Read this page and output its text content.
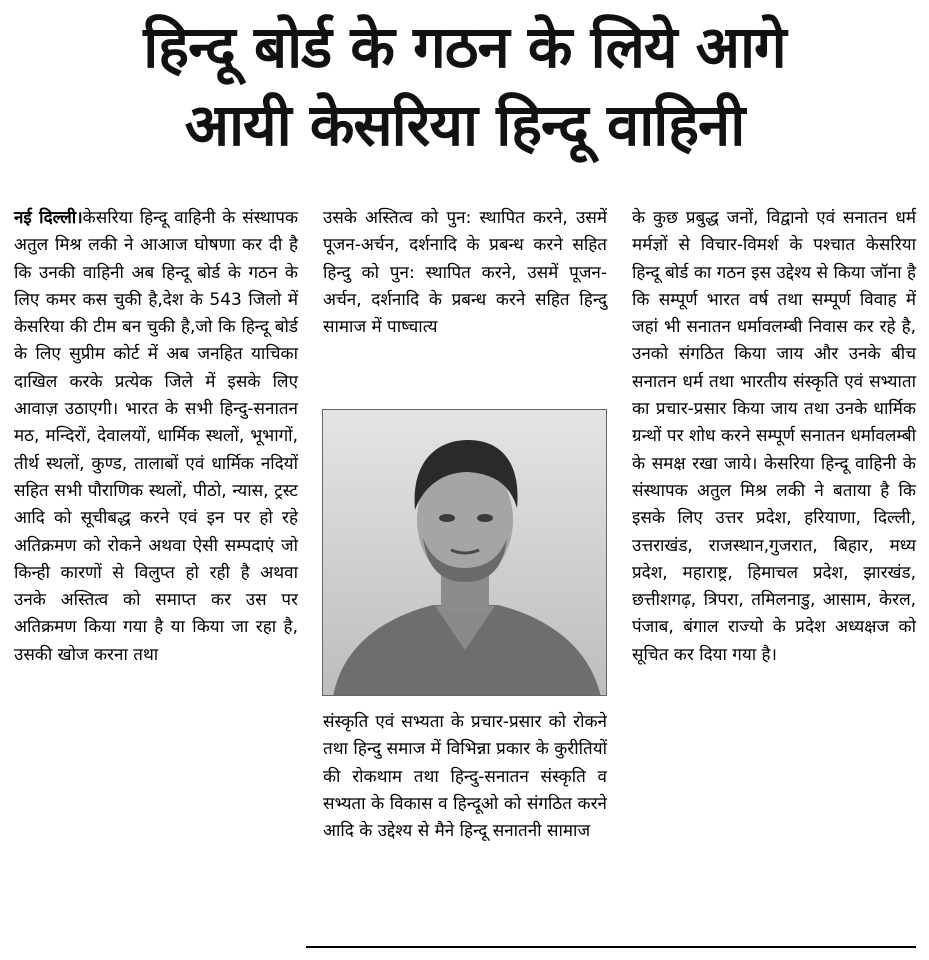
हिन्दू बोर्ड के गठन के लिये आगे
आयी केसरिया हिन्दू वाहिनी

नई दिल्ली।केसरिया हिन्दू वाहिनी के संस्थापक अतुल मिश्र लकी ने आआज घोषणा कर दी है कि उनकी वाहिनी अब हिन्दू बोर्ड के गठन के लिए कमर कस चुकी है,देश के 543 जिलो में केसरिया की टीम बन चुकी है,जो कि हिन्दू बोर्ड के लिए सुप्रीम कोर्ट में अब जनहित याचिका दाखिल करके प्रत्येक जिले में इसके लिए आवाज़ उठाएगी। भारत के सभी हिन्दु-सनातन मठ, मन्दिरों, देवालयों, धार्मिक स्थलों, भूभागों, तीर्थ स्थलों, कुण्ड, तालाबों एवं धार्मिक नदियों सहित सभी पौराणिक स्थलों, पीठो, न्यास, ट्रस्ट आदि को सूचीबद्ध करने एवं इन पर हो रहे अतिक्रमण को रोकने अथवा ऐसी सम्पदाएं जो किन्ही कारणों से विलुप्त हो रही है अथवा उनके अस्तित्व को समाप्त कर उस पर अतिक्रमण किया गया है या किया जा रहा है, उसकी खोज करना तथा

उसके अस्तित्व को पुन: स्थापित करने, उसमें पूजन-अर्चन, दर्शनादि के प्रबन्ध करने सहित हिन्दु को पुन: स्थापित करने, उसमें पूजन-अर्चन, दर्शनादि के प्रबन्ध करने सहित हिन्दु सामाज में पाष्चात्य

संस्कृति एवं सभ्यता के प्रचार-प्रसार को रोकने तथा हिन्दु समाज में विभिन्ना प्रकार के कुरीतियों की रोकथाम तथा हिन्दु-सनातन संस्कृति व सभ्यता के विकास व हिन्दूओ को संगठित करने आदि के उद्देश्य से मैने हिन्दू सनातनी सामाज

के कुछ प्रबुद्ध जनों, विद्वानो एवं सनातन धर्म मर्मज्ञों से विचार-विमर्श के पश्चात केसरिया हिन्दू बोर्ड का गठन इस उद्देश्य से किया जॉना है कि सम्पूर्ण भारत वर्ष तथा सम्पूर्ण विवाह में जहां भी सनातन धर्मावलम्बी निवास कर रहे है, उनको संगठित किया जाय और उनके बीच सनातन धर्म तथा भारतीय संस्कृति एवं सभ्याता का प्रचार-प्रसार किया जाय तथा उनके धार्मिक ग्रन्थों पर शोध करने सम्पूर्ण सनातन धर्मावलम्बी के समक्ष रखा जाये। केसरिया हिन्दू वाहिनी के संस्थापक अतुल मिश्र लकी ने बताया है कि इसके लिए उत्तर प्रदेश, हरियाणा, दिल्ली, उत्तराखंड, राजस्थान,गुजरात, बिहार, मध्य प्रदेश, महाराष्ट्र, हिमाचल प्रदेश, झारखंड, छत्तीशगढ़, त्रिपरा, तमिलनाडु, आसाम, केरल, पंजाब, बंगाल राज्यो के प्रदेश अध्यक्षज को सूचित कर दिया गया है।
